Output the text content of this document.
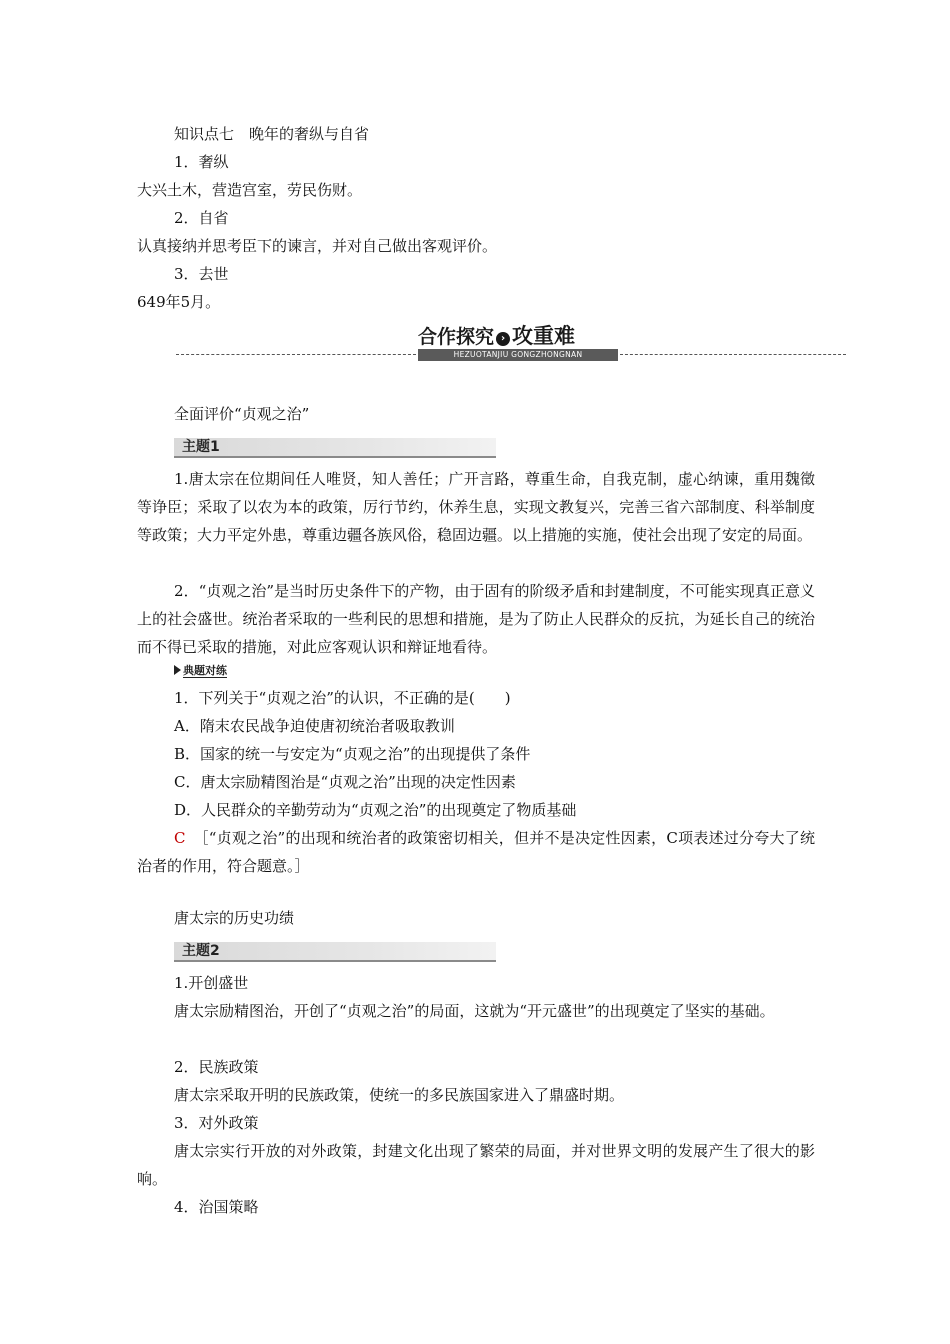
知识点七　晚年的奢纵与自省
1．奢纵
大兴土木，营造宫室，劳民伤财。
2．自省
认真接纳并思考臣下的谏言，并对自己做出客观评价。
3．去世
649年5月。
合作探究 › 攻重难
HEZUOTANJIU GONGZHONGNAN
全面评价“贞观之治”
主题1
1.唐太宗在位期间任人唯贤，知人善任；广开言路，尊重生命，自我克制，虚心纳谏，重用魏徵等诤臣；采取了以农为本的政策，厉行节约，休养生息，实现文教复兴，完善三省六部制度、科举制度等政策；大力平定外患，尊重边疆各族风俗，稳固边疆。以上措施的实施，使社会出现了安定的局面。
2．“贞观之治”是当时历史条件下的产物，由于固有的阶级矛盾和封建制度，不可能实现真正意义上的社会盛世。统治者采取的一些利民的思想和措施，是为了防止人民群众的反抗，为延长自己的统治而不得已采取的措施，对此应客观认识和辩证地看待。
典题对练
1．下列关于“贞观之治”的认识，不正确的是(　　)
A．隋末农民战争迫使唐初统治者吸取教训
B．国家的统一与安定为“贞观之治”的出现提供了条件
C．唐太宗励精图治是“贞观之治”出现的决定性因素
D．人民群众的辛勤劳动为“贞观之治”的出现奠定了物质基础
C　 ［“贞观之治”的出现和统治者的政策密切相关，但并不是决定性因素，C项表述过分夸大了统治者的作用，符合题意。］
唐太宗的历史功绩
主题2
1.开创盛世
唐太宗励精图治，开创了“贞观之治”的局面，这就为“开元盛世”的出现奠定了坚实的基础。
2．民族政策
唐太宗采取开明的民族政策，使统一的多民族国家进入了鼎盛时期。
3．对外政策
唐太宗实行开放的对外政策，封建文化出现了繁荣的局面，并对世界文明的发展产生了很大的影响。
4．治国策略
